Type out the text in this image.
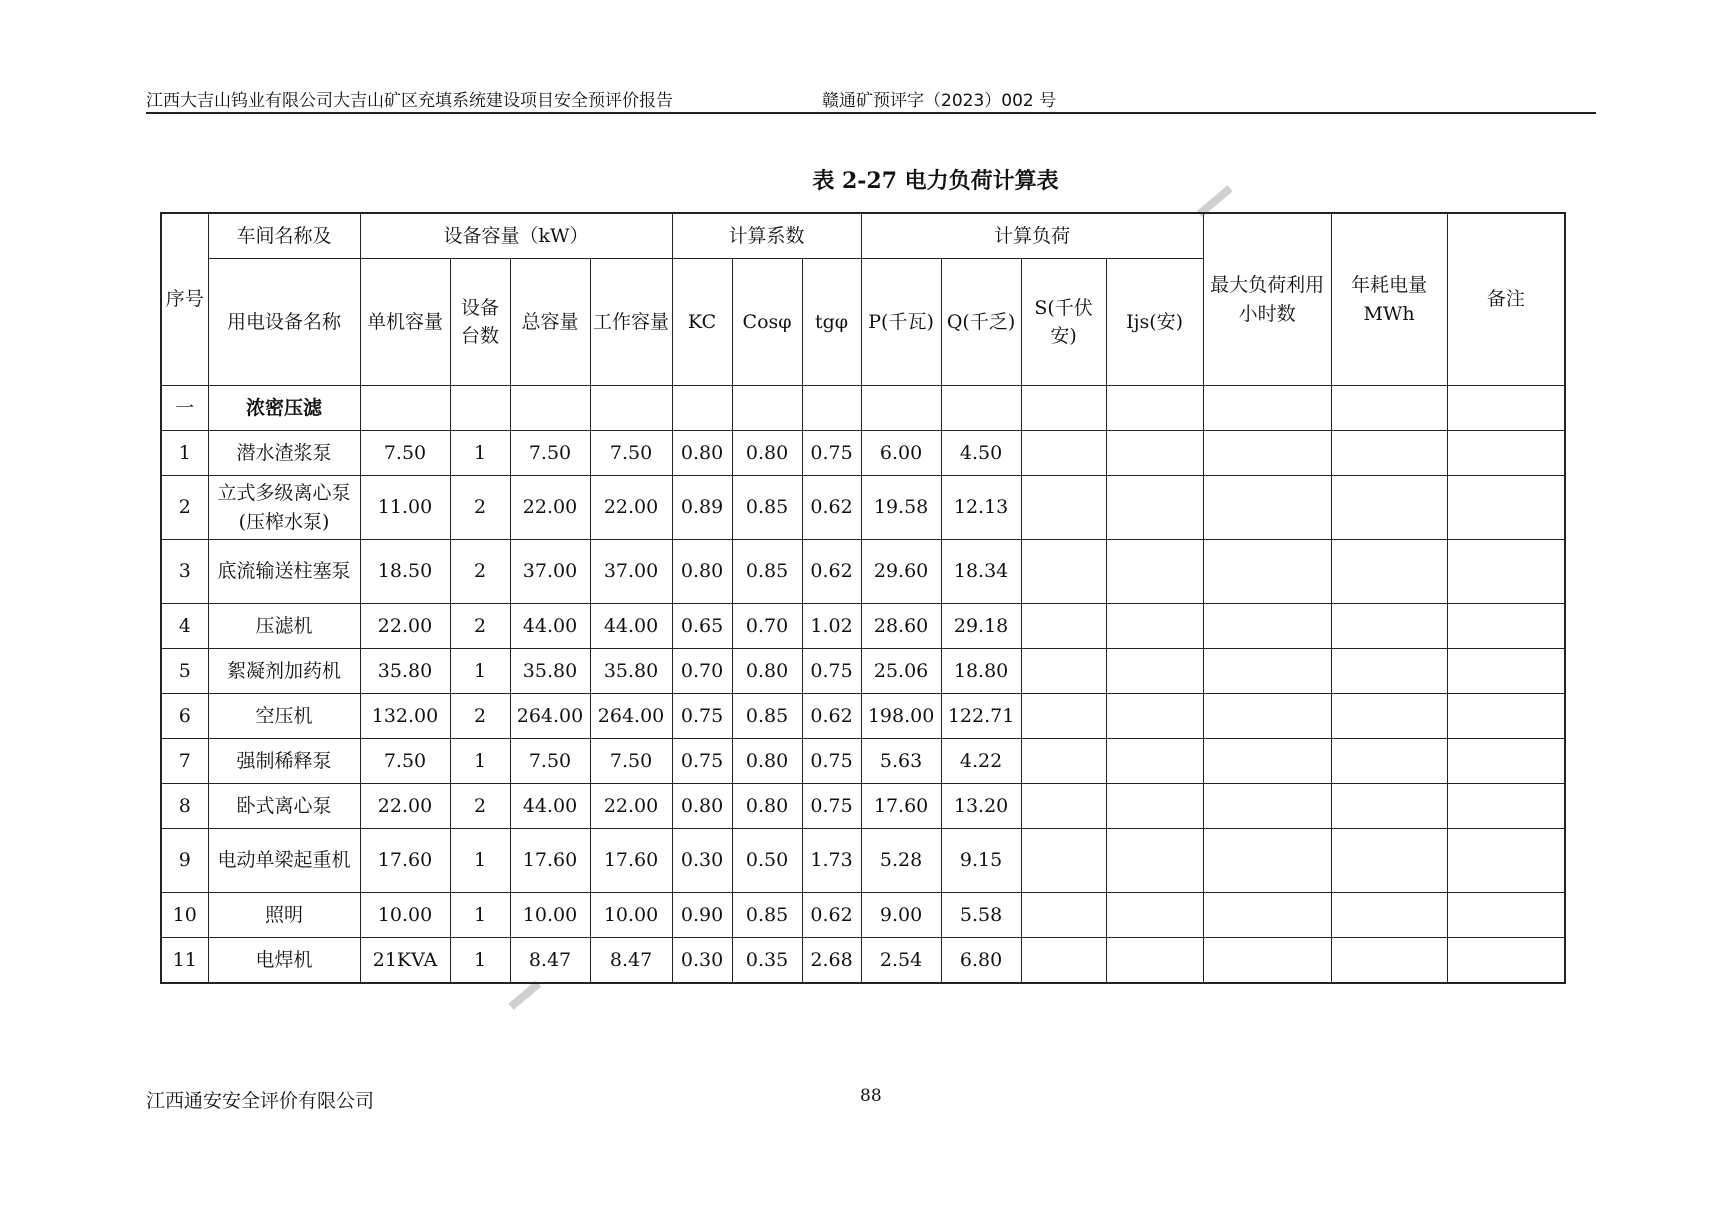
江西大吉山钨业有限公司大吉山矿区充填系统建设项目安全预评价报告	赣通矿预评字（2023）002 号
表 2-27 电力负荷计算表
序号	车间名称及	设备容量（kW）				计算系数			计算负荷				最大负荷利用小时数	年耗电量MWh	备注
	用电设备名称	单机容量	设备台数	总容量	工作容量	KC	Cosφ	tgφ	P(千瓦)	Q(千乏)	S(千伏安)	Ijs(安)			
一	浓密压滤														
1	潜水渣浆泵	7.50	1	7.50	7.50	0.80	0.80	0.75	6.00	4.50					
2	立式多级离心泵(压榨水泵)	11.00	2	22.00	22.00	0.89	0.85	0.62	19.58	12.13					
3	底流输送柱塞泵	18.50	2	37.00	37.00	0.80	0.85	0.62	29.60	18.34					
4	压滤机	22.00	2	44.00	44.00	0.65	0.70	1.02	28.60	29.18					
5	絮凝剂加药机	35.80	1	35.80	35.80	0.70	0.80	0.75	25.06	18.80					
6	空压机	132.00	2	264.00	264.00	0.75	0.85	0.62	198.00	122.71					
7	强制稀释泵	7.50	1	7.50	7.50	0.75	0.80	0.75	5.63	4.22					
8	卧式离心泵	22.00	2	44.00	22.00	0.80	0.80	0.75	17.60	13.20					
9	电动单梁起重机	17.60	1	17.60	17.60	0.30	0.50	1.73	5.28	9.15					
10	照明	10.00	1	10.00	10.00	0.90	0.85	0.62	9.00	5.58					
11	电焊机	21KVA	1	8.47	8.47	0.30	0.35	2.68	2.54	6.80					
江西通安安全评价有限公司	88
